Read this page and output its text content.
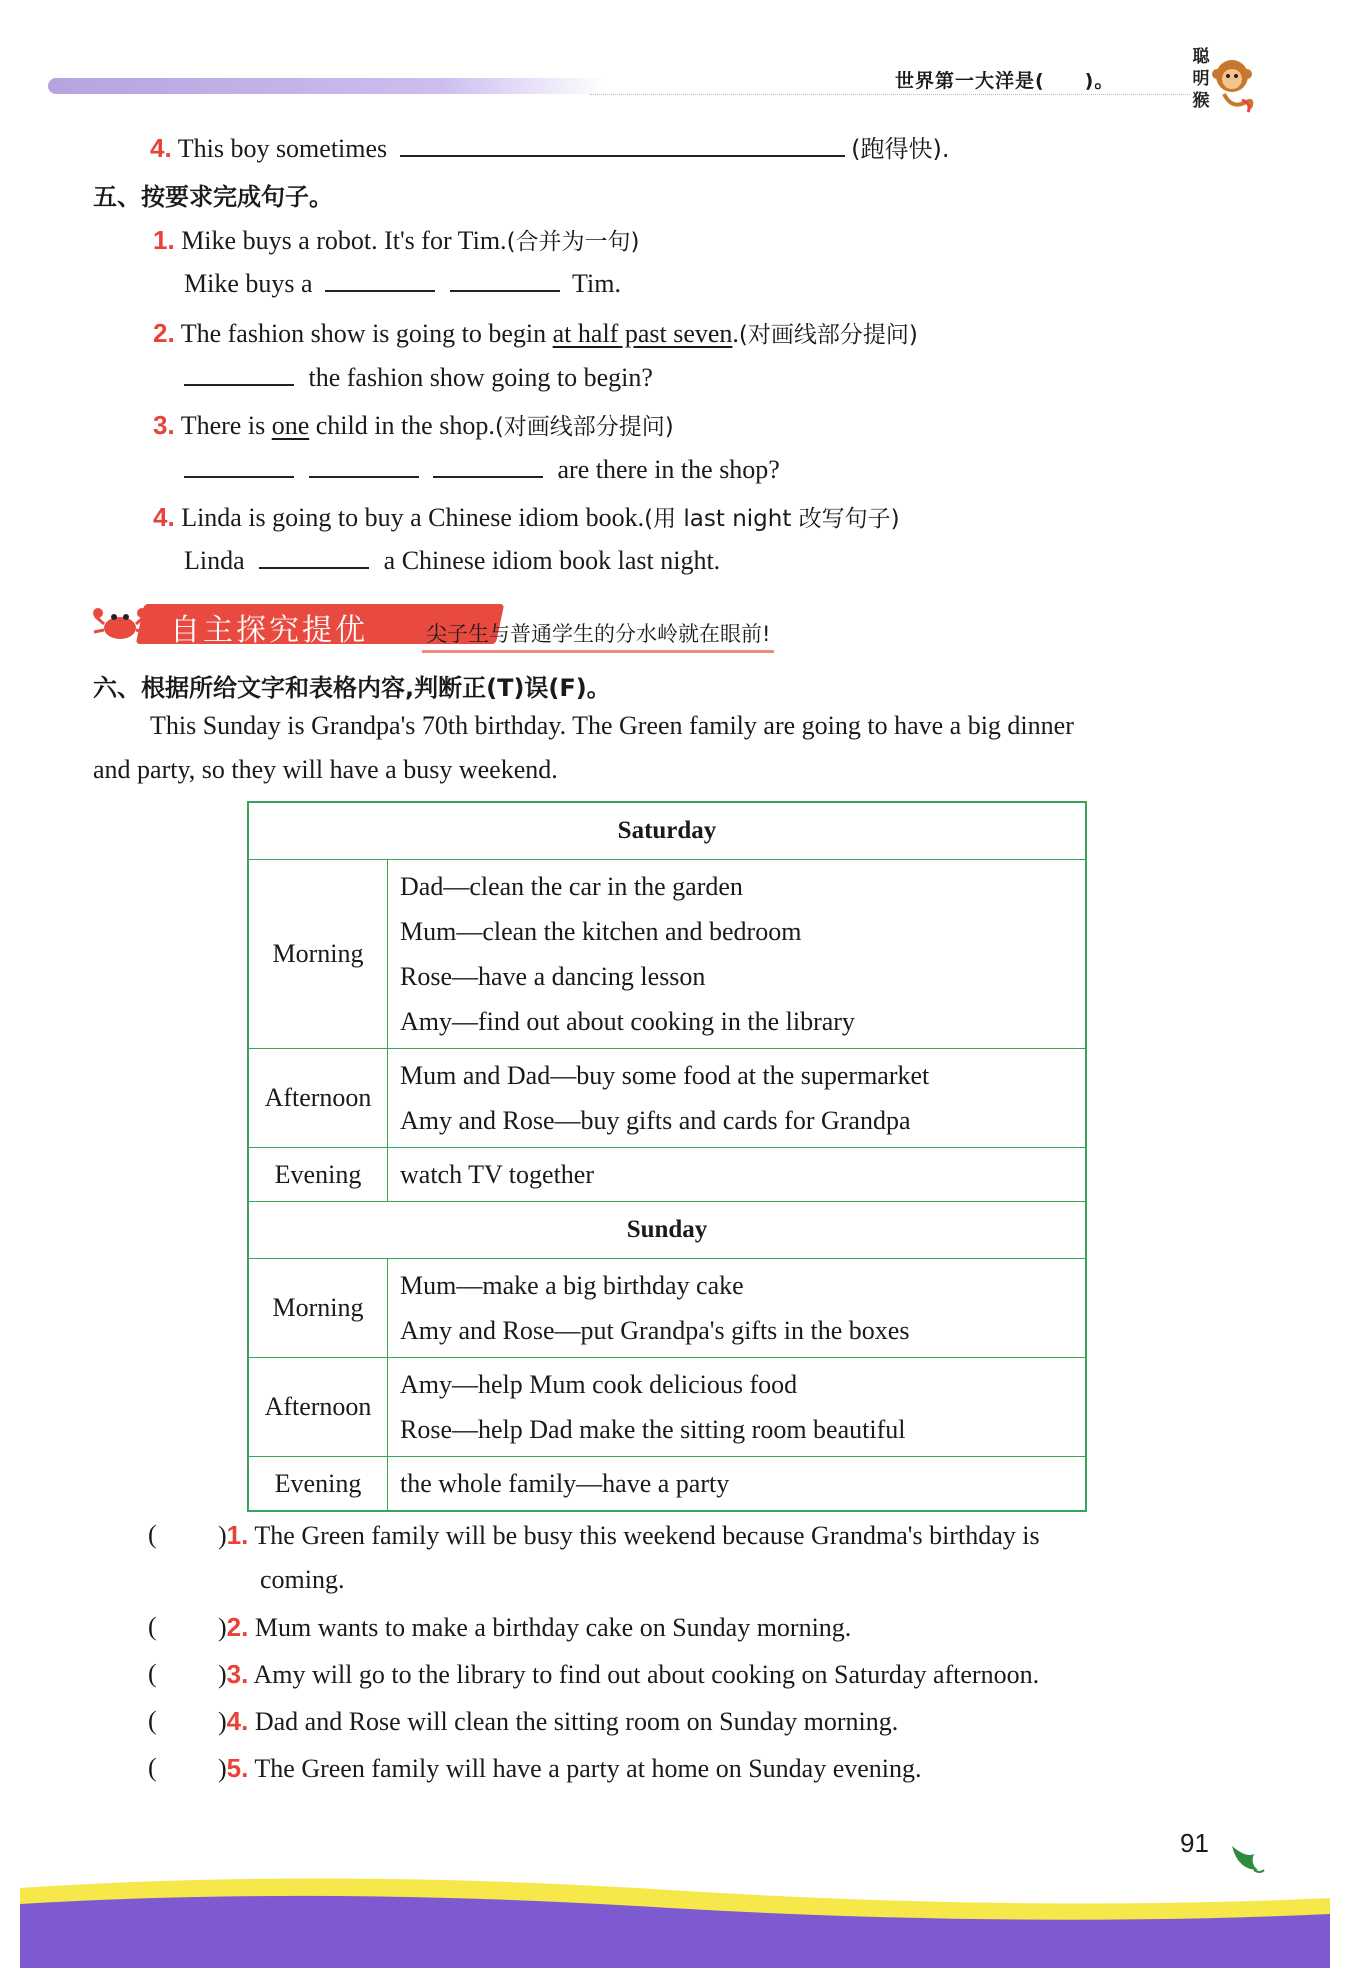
世界第一大洋是(　　)。
聪
明
猴
4. This boy sometimes	(跑得快).
五、按要求完成句子。
1. Mike buys a robot. It's for Tim.(合并为一句)
Mike buys a	Tim.
2. The fashion show is going to begin at half past seven.(对画线部分提问)
the fashion show going to begin?
3. There is one child in the shop.(对画线部分提问)
are there in the shop?
4. Linda is going to buy a Chinese idiom book.(用 last night 改写句子)
Linda	a Chinese idiom book last night.
自主探究提优	尖子生与普通学生的分水岭就在眼前!
六、根据所给文字和表格内容,判断正(T)误(F)。
This Sunday is Grandpa's 70th birthday. The Green family are going to have a big dinner
and party, so they will have a busy weekend.
Saturday	
Morning	Dad—clean the car in the garden
Mum—clean the kitchen and bedroom
Rose—have a dancing lesson
Amy—find out about cooking in the library

Afternoon	Mum and Dad—buy some food at the supermarket
Amy and Rose—buy gifts and cards for Grandpa

Evening	watch TV together

Sunday	
Morning	Mum—make a big birthday cake
Amy and Rose—put Grandpa's gifts in the boxes

Afternoon	Amy—help Mum cook delicious food
Rose—help Dad make the sitting room beautiful

Evening	the whole family—have a party
( )1. The Green family will be busy this weekend because Grandma's birthday is
coming.
( )2. Mum wants to make a birthday cake on Sunday morning.
( )3. Amy will go to the library to find out about cooking on Saturday afternoon.
( )4. Dad and Rose will clean the sitting room on Sunday morning.
( )5. The Green family will have a party at home on Sunday evening.
91
